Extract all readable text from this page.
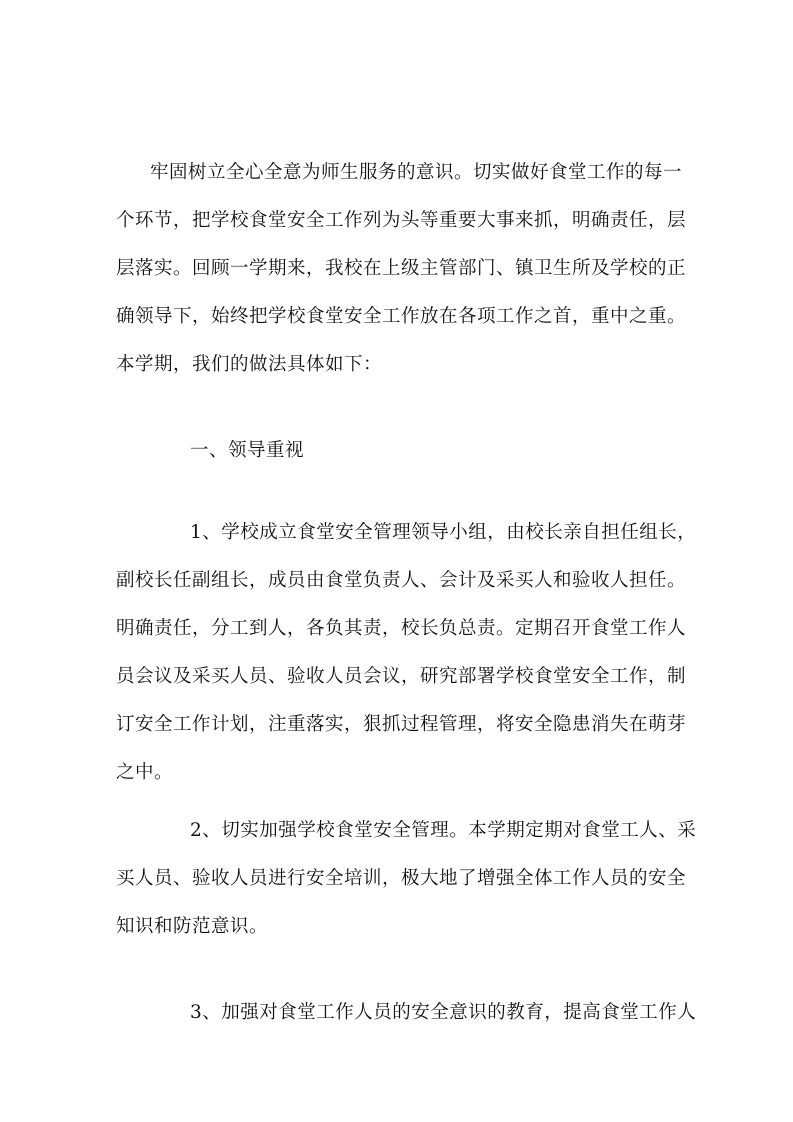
牢固树立全心全意为师生服务的意识。切实做好食堂工作的每一
个环节，把学校食堂安全工作列为头等重要大事来抓，明确责任，层
层落实。回顾一学期来，我校在上级主管部门、镇卫生所及学校的正
确领导下，始终把学校食堂安全工作放在各项工作之首，重中之重。
本学期，我们的做法具体如下：
一、领导重视
1、学校成立食堂安全管理领导小组，由校长亲自担任组长，
副校长任副组长，成员由食堂负责人、会计及采买人和验收人担任。
明确责任，分工到人，各负其责，校长负总责。定期召开食堂工作人
员会议及采买人员、验收人员会议，研究部署学校食堂安全工作，制
订安全工作计划，注重落实，狠抓过程管理，将安全隐患消失在萌芽
之中。
2、切实加强学校食堂安全管理。本学期定期对食堂工人、采
买人员、验收人员进行安全培训，极大地了增强全体工作人员的安全
知识和防范意识。
3、加强对食堂工作人员的安全意识的教育，提高食堂工作人
